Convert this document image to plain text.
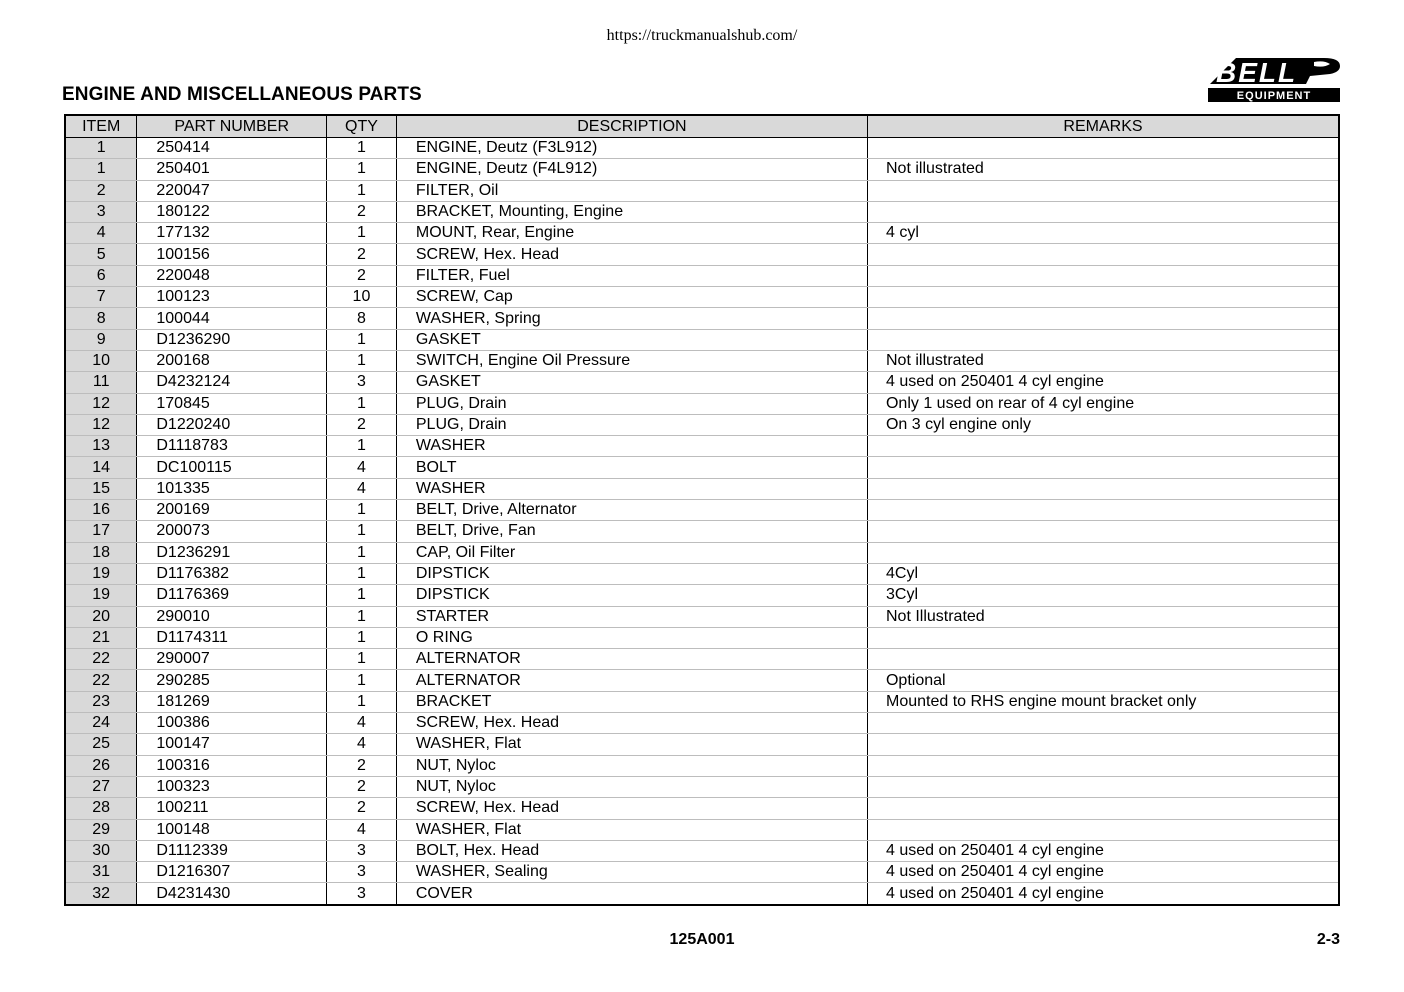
https://truckmanualshub.com/
ENGINE AND MISCELLANEOUS PARTS
BELL
EQUIPMENT
ITEM	PART NUMBER	QTY	DESCRIPTION	REMARKS
1	250414	1	ENGINE, Deutz (F3L912)	
1	250401	1	ENGINE, Deutz (F4L912)	Not illustrated
2	220047	1	FILTER, Oil	
3	180122	2	BRACKET, Mounting, Engine	
4	177132	1	MOUNT, Rear, Engine	4 cyl
5	100156	2	SCREW, Hex. Head	
6	220048	2	FILTER, Fuel	
7	100123	10	SCREW, Cap	
8	100044	8	WASHER, Spring	
9	D1236290	1	GASKET	
10	200168	1	SWITCH, Engine Oil Pressure	Not illustrated
11	D4232124	3	GASKET	4 used on 250401 4 cyl engine
12	170845	1	PLUG, Drain	Only 1 used on rear of 4 cyl engine
12	D1220240	2	PLUG, Drain	On 3 cyl engine only
13	D1118783	1	WASHER	
14	DC100115	4	BOLT	
15	101335	4	WASHER	
16	200169	1	BELT, Drive, Alternator	
17	200073	1	BELT, Drive, Fan	
18	D1236291	1	CAP, Oil Filter	
19	D1176382	1	DIPSTICK	4Cyl
19	D1176369	1	DIPSTICK	3Cyl
20	290010	1	STARTER	Not Illustrated
21	D1174311	1	O RING	
22	290007	1	ALTERNATOR	
22	290285	1	ALTERNATOR	Optional
23	181269	1	BRACKET	Mounted to RHS engine mount bracket only
24	100386	4	SCREW, Hex. Head	
25	100147	4	WASHER, Flat	
26	100316	2	NUT, Nyloc	
27	100323	2	NUT, Nyloc	
28	100211	2	SCREW, Hex. Head	
29	100148	4	WASHER, Flat	
30	D1112339	3	BOLT, Hex. Head	4 used on 250401 4 cyl engine
31	D1216307	3	WASHER, Sealing	4 used on 250401 4 cyl engine
32	D4231430	3	COVER	4 used on 250401 4 cyl engine
125A001	2-3
